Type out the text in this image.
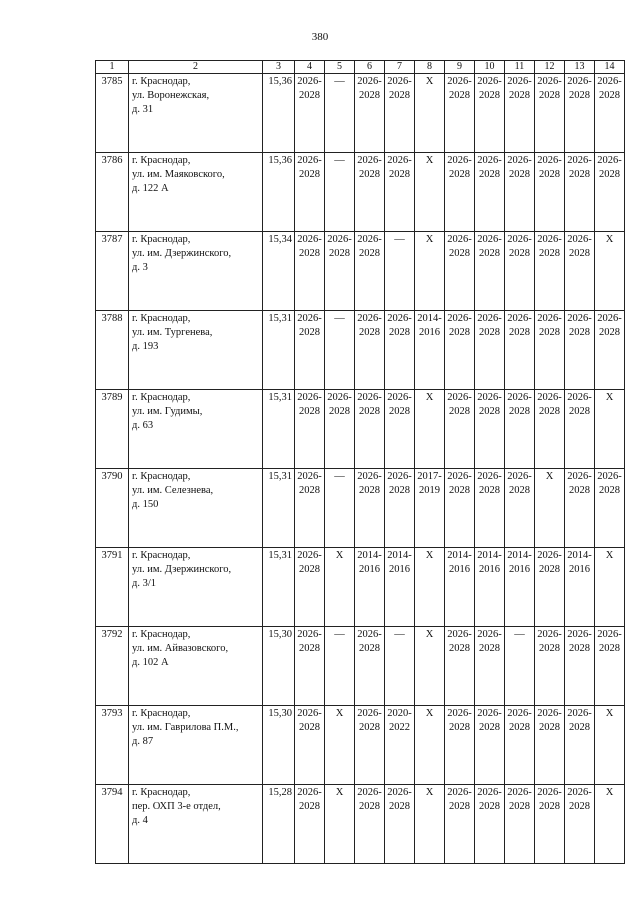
380
1	2	3	4	5	6	7	8	9	10	11	12	13	14
3785	г. Краснодар,
ул. Воронежская,
д. 31	15,36	2026-
2028	—	2026-
2028	2026-
2028	Х	2026-
2028	2026-
2028	2026-
2028	2026-
2028	2026-
2028	2026-
2028

3786	г. Краснодар,
ул. им. Маяковского,
д. 122 А	15,36	2026-
2028	—	2026-
2028	2026-
2028	Х	2026-
2028	2026-
2028	2026-
2028	2026-
2028	2026-
2028	2026-
2028

3787	г. Краснодар,
ул. им. Дзержинского,
д. 3	15,34	2026-
2028	2026-
2028	2026-
2028	—	Х	2026-
2028	2026-
2028	2026-
2028	2026-
2028	2026-
2028	Х

3788	г. Краснодар,
ул. им. Тургенева,
д. 193	15,31	2026-
2028	—	2026-
2028	2026-
2028	2014-
2016	2026-
2028	2026-
2028	2026-
2028	2026-
2028	2026-
2028	2026-
2028

3789	г. Краснодар,
ул. им. Гудимы,
д. 63	15,31	2026-
2028	2026-
2028	2026-
2028	2026-
2028	Х	2026-
2028	2026-
2028	2026-
2028	2026-
2028	2026-
2028	Х

3790	г. Краснодар,
ул. им. Селезнева,
д. 150	15,31	2026-
2028	—	2026-
2028	2026-
2028	2017-
2019	2026-
2028	2026-
2028	2026-
2028	Х	2026-
2028	2026-
2028

3791	г. Краснодар,
ул. им. Дзержинского,
д. 3/1	15,31	2026-
2028	Х	2014-
2016	2014-
2016	Х	2014-
2016	2014-
2016	2014-
2016	2026-
2028	2014-
2016	Х

3792	г. Краснодар,
ул. им. Айвазовского,
д. 102 А	15,30	2026-
2028	—	2026-
2028	—	Х	2026-
2028	2026-
2028	—	2026-
2028	2026-
2028	2026-
2028

3793	г. Краснодар,
ул. им. Гаврилова П.М.,
д. 87	15,30	2026-
2028	Х	2026-
2028	2020-
2022	Х	2026-
2028	2026-
2028	2026-
2028	2026-
2028	2026-
2028	Х

3794	г. Краснодар,
пер. ОХП 3-е отдел,
д. 4	15,28	2026-
2028	Х	2026-
2028	2026-
2028	Х	2026-
2028	2026-
2028	2026-
2028	2026-
2028	2026-
2028	Х
